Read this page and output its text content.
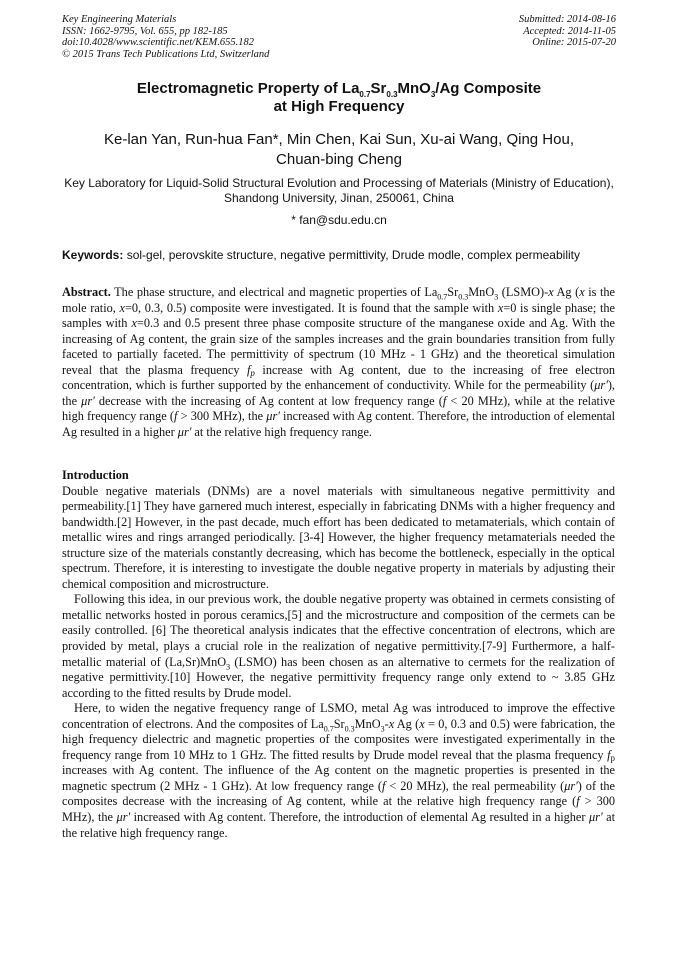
Key Engineering Materials
ISSN: 1662-9795, Vol. 655, pp 182-185
doi:10.4028/www.scientific.net/KEM.655.182
© 2015 Trans Tech Publications Ltd, Switzerland
Submitted: 2014-08-16
Accepted: 2014-11-05
Online: 2015-07-20
Electromagnetic Property of $La_{0.7}Sr_{0.3}MnO_3/Ag$ Composite
at High Frequency
Ke-lan Yan, Run-hua Fan*, Min Chen, Kai Sun, Xu-ai Wang, Qing Hou,
Chuan-bing Cheng
Key Laboratory for Liquid-Solid Structural Evolution and Processing of Materials (Ministry of Education), Shandong University, Jinan, 250061, China
* fan@sdu.edu.cn
Keywords: sol-gel, perovskite structure, negative permittivity, Drude modle, complex permeability

Abstract. The phase structure, and electrical and magnetic properties of $La_{0.7}Sr_{0.3}MnO_3$ (LSMO)-x Ag (x is the mole ratio, x=0, 0.3, 0.5) composite were investigated. It is found that the sample with x=0 is single phase; the samples with x=0.3 and 0.5 present three phase composite structure of the manganese oxide and Ag. With the increasing of Ag content, the grain size of the samples increases and the grain boundaries transition from fully faceted to partially faceted. The permittivity of spectrum (10 MHz - 1 GHz) and the theoretical simulation reveal that the plasma frequency $f_p$ increase with Ag content, due to the increasing of free electron concentration, which is further supported by the enhancement of conductivity. While for the permeability (μr'), the μr' decrease with the increasing of Ag content at low frequency range (f < 20 MHz), while at the relative high frequency range (f > 300 MHz), the μr' increased with Ag content. Therefore, the introduction of elemental Ag resulted in a higher μr' at the relative high frequency range.

Introduction

Double negative materials (DNMs) are a novel materials with simultaneous negative permittivity and permeability.[1] They have garnered much interest, especially in fabricating DNMs with a higher frequency and bandwidth.[2] However, in the past decade, much effort has been dedicated to metamaterials, which contain of metallic wires and rings arranged periodically. [3-4] However, the higher frequency metamaterials needed the structure size of the materials constantly decreasing, which has become the bottleneck, especially in the optical spectrum. Therefore, it is interesting to investigate the double negative property in materials by adjusting their chemical composition and microstructure.

Following this idea, in our previous work, the double negative property was obtained in cermets consisting of metallic networks hosted in porous ceramics,[5] and the microstructure and composition of the cermets can be easily controlled. [6] The theoretical analysis indicates that the effective concentration of electrons, which are provided by metal, plays a crucial role in the realization of negative permittivity.[7-9] Furthermore, a half-metallic material of (La,Sr)MnO$_3$ (LSMO) has been chosen as an alternative to cermets for the realization of negative permittivity.[10] However, the negative permittivity frequency range only extend to ~ 3.85 GHz according to the fitted results by Drude model.

Here, to widen the negative frequency range of LSMO, metal Ag was introduced to improve the effective concentration of electrons. And the composites of $La_{0.7}Sr_{0.3}MnO_3-x$ Ag (x = 0, 0.3 and 0.5) were fabrication, the high frequency dielectric and magnetic properties of the composites were investigated experimentally in the frequency range from 10 MHz to 1 GHz. The fitted results by Drude model reveal that the plasma frequency $f_p$ increases with Ag content. The influence of the Ag content on the magnetic properties is presented in the magnetic spectrum (2 MHz - 1 GHz). At low frequency range (f < 20 MHz), the real permeability (μr') of the composites decrease with the increasing of Ag content, while at the relative high frequency range (f > 300 MHz), the μr' increased with Ag content. Therefore, the introduction of elemental Ag resulted in a higher μr' at the relative high frequency range.
